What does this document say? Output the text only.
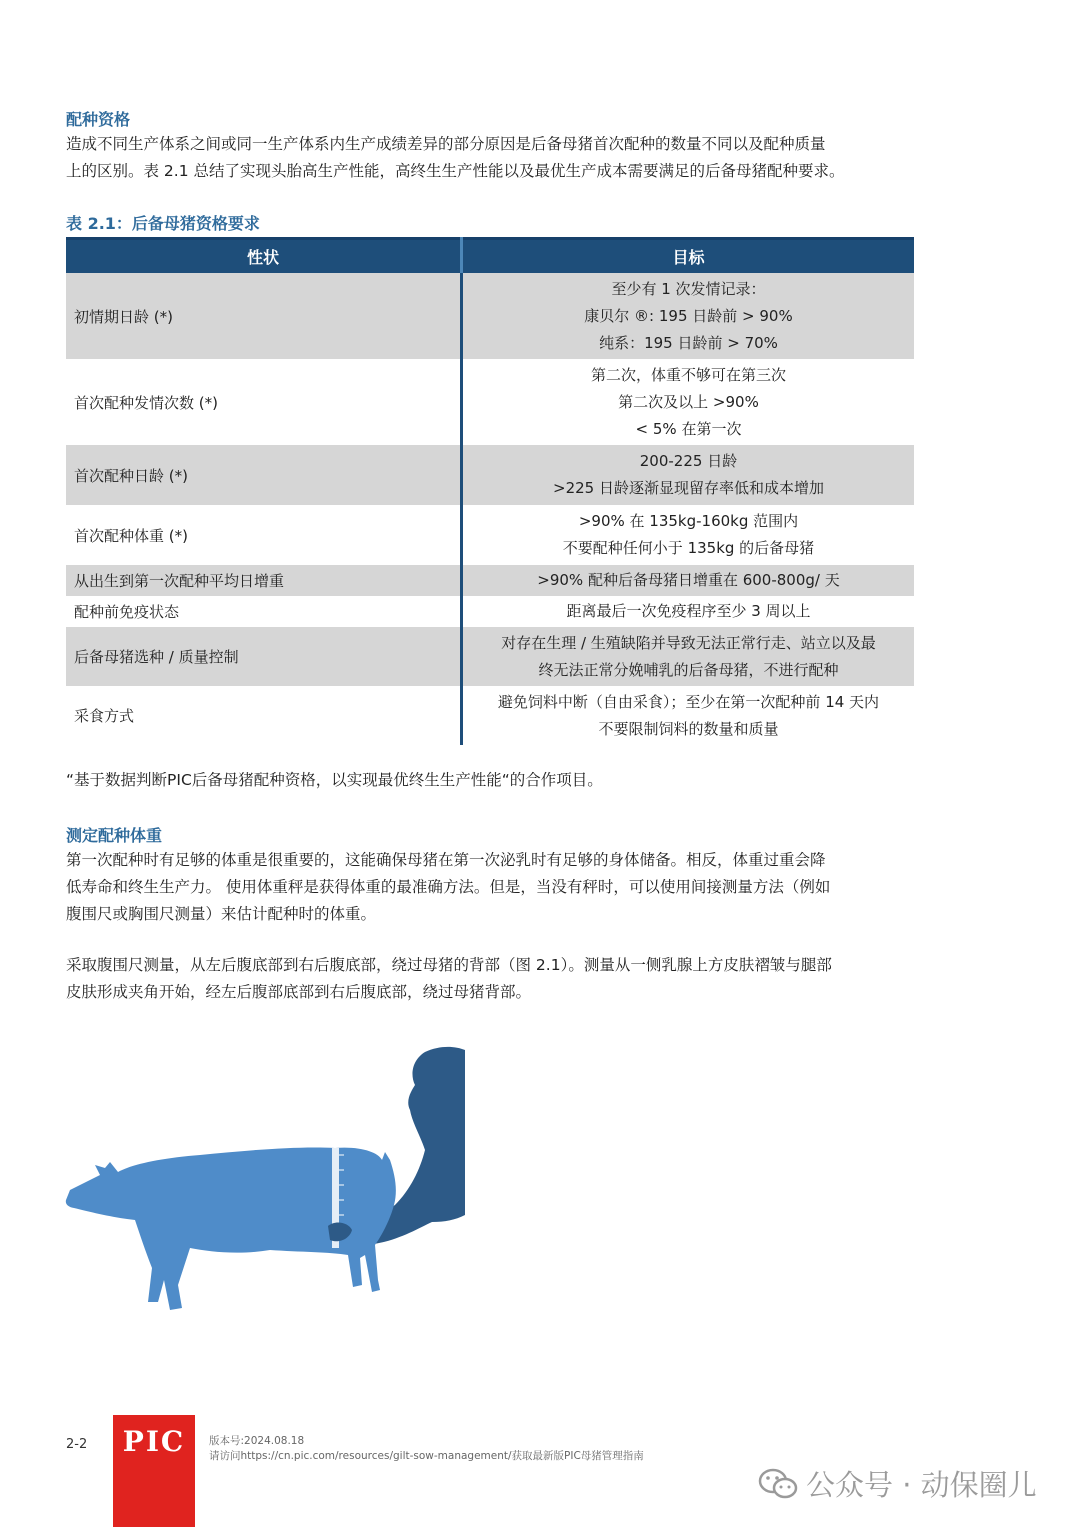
配种资格
造成不同生产体系之间或同一生产体系内生产成绩差异的部分原因是后备母猪首次配种的数量不同以及配种质量
上的区别。表 2.1 总结了实现头胎高生产性能，高终生生产性能以及最优生产成本需要满足的后备母猪配种要求。
表 2.1：后备母猪资格要求
性状	目标
初情期日龄 (*)	至少有 1 次发情记录：
康贝尔 ®: 195 日龄前 > 90%
纯系：195 日龄前 > 70%

首次配种发情次数 (*)	第二次，体重不够可在第三次
第二次及以上 >90%
< 5% 在第一次

首次配种日龄 (*)	200-225 日龄
>225 日龄逐渐显现留存率低和成本增加

首次配种体重 (*)	>90% 在 135kg-160kg 范围内
不要配种任何小于 135kg 的后备母猪

从出生到第一次配种平均日增重	>90% 配种后备母猪日增重在 600-800g/ 天

配种前免疫状态	距离最后一次免疫程序至少 3 周以上

后备母猪选种 / 质量控制	对存在生理 / 生殖缺陷并导致无法正常行走、站立以及最
终无法正常分娩哺乳的后备母猪，不进行配种

采食方式	避免饲料中断（自由采食）；至少在第一次配种前 14 天内
不要限制饲料的数量和质量
“基于数据判断PIC后备母猪配种资格，以实现最优终生生产性能“的合作项目。
测定配种体重
第一次配种时有足够的体重是很重要的，这能确保母猪在第一次泌乳时有足够的身体储备。相反，体重过重会降
低寿命和终生生产力。 使用体重秤是获得体重的最准确方法。但是，当没有秤时，可以使用间接测量方法（例如
腹围尺或胸围尺测量）来估计配种时的体重。
采取腹围尺测量，从左后腹底部到右后腹底部，绕过母猪的背部（图 2.1）。测量从一侧乳腺上方皮肤褶皱与腿部
皮肤形成夹角开始，经左后腹部底部到右后腹底部，绕过母猪背部。
2-2	PIC	版本号:2024.08.18
请访问https://cn.pic.com/resources/gilt-sow-management/获取最新版PIC母猪管理指南
公众号 · 动保圈儿
